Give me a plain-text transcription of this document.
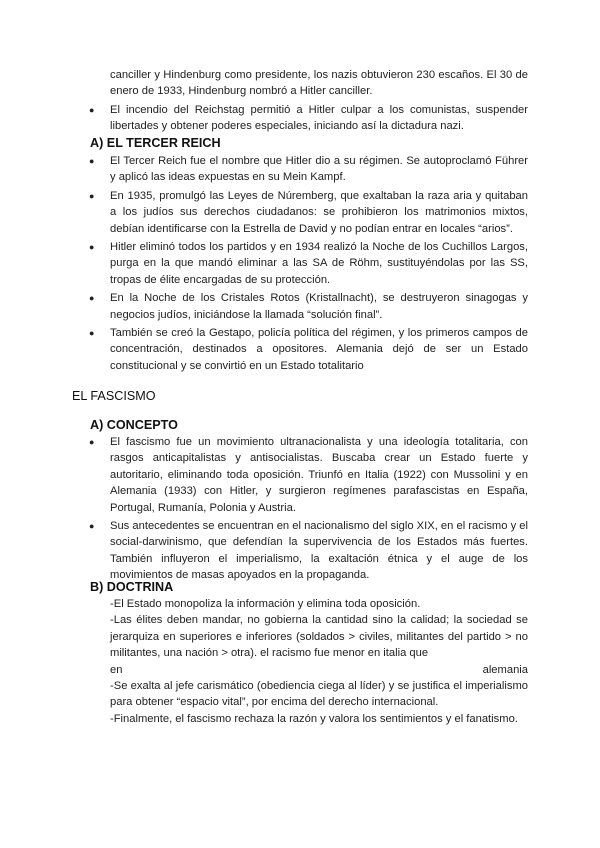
canciller y Hindenburg como presidente, los nazis obtuvieron 230 escaños. El 30 de enero de 1933, Hindenburg nombró a Hitler canciller.

● El incendio del Reichstag permitió a Hitler culpar a los comunistas, suspender libertades y obtener poderes especiales, iniciando así la dictadura nazi.

A) EL TERCER REICH

● El Tercer Reich fue el nombre que Hitler dio a su régimen. Se autoproclamó Führer y aplicó las ideas expuestas en su Mein Kampf.
● En 1935, promulgó las Leyes de Núremberg, que exaltaban la raza aria y quitaban a los judíos sus derechos ciudadanos: se prohibieron los matrimonios mixtos, debían identificarse con la Estrella de David y no podían entrar en locales “arios”.
● Hitler eliminó todos los partidos y en 1934 realizó la Noche de los Cuchillos Largos, purga en la que mandó eliminar a las SA de Röhm, sustituyéndolas por las SS, tropas de élite encargadas de su protección.
● En la Noche de los Cristales Rotos (Kristallnacht), se destruyeron sinagogas y negocios judíos, iniciándose la llamada “solución final”.
● También se creó la Gestapo, policía política del régimen, y los primeros campos de concentración, destinados a opositores. Alemania dejó de ser un Estado constitucional y se convirtió en un Estado totalitario

EL FASCISMO

A) CONCEPTO

● El fascismo fue un movimiento ultranacionalista y una ideología totalitaria, con rasgos anticapitalistas y antisocialistas. Buscaba crear un Estado fuerte y autoritario, eliminando toda oposición. Triunfó en Italia (1922) con Mussolini y en Alemania (1933) con Hitler, y surgieron regímenes parafascistas en España, Portugal, Rumanía, Polonia y Austria.
● Sus antecedentes se encuentran en el nacionalismo del siglo XIX, en el racismo y el social-darwinismo, que defendían la supervivencia de los Estados más fuertes. También influyeron el imperialismo, la exaltación étnica y el auge de los movimientos de masas apoyados en la propaganda.

B) DOCTRINA

-El Estado monopoliza la información y elimina toda oposición.

-Las élites deben mandar, no gobierna la cantidad sino la calidad; la sociedad se jerarquiza en superiores e inferiores (soldados > civiles, militantes del partido > no militantes, una nación > otra). el racismo fue menor en italia que

en	alemania

-Se exalta al jefe carismático (obediencia ciega al líder) y se justifica el imperialismo para obtener “espacio vital”, por encima del derecho internacional.

-Finalmente, el fascismo rechaza la razón y valora los sentimientos y el fanatismo.
